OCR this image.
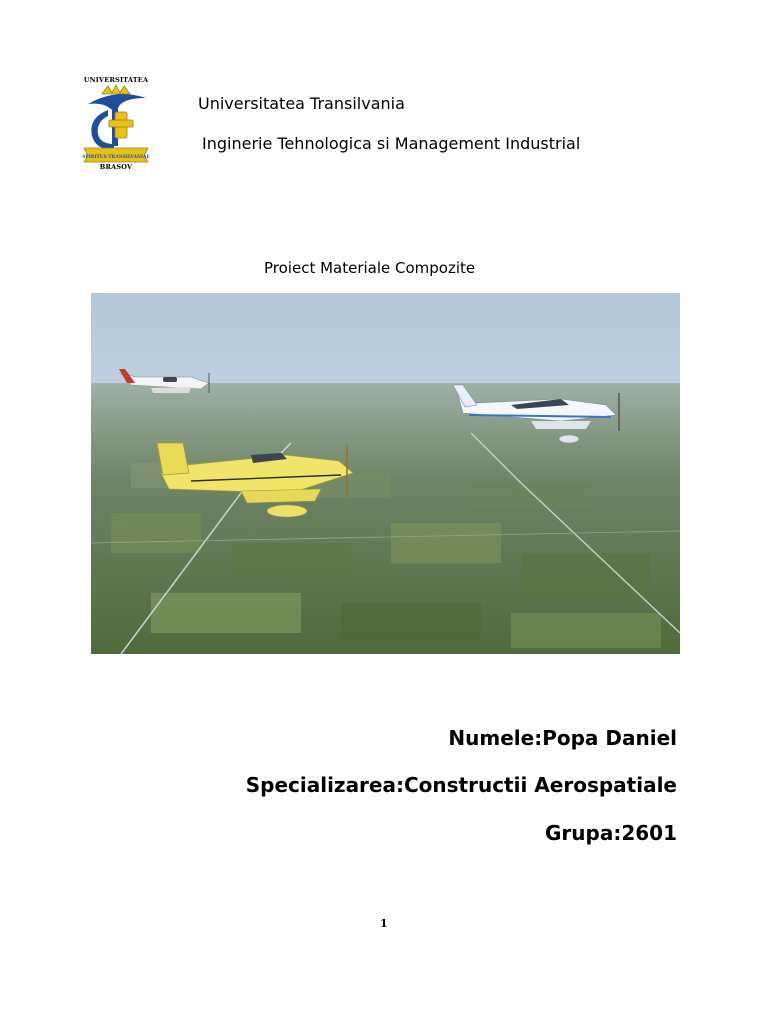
UNIVERSITATEA
SPIRITUS TRANSILVANIAE
BRASOV
Universitatea Transilvania
Inginerie Tehnologica si Management Industrial
Proiect Materiale Compozite
Numele:Popa Daniel
Specializarea:Constructii Aerospatiale
Grupa:2601
1
